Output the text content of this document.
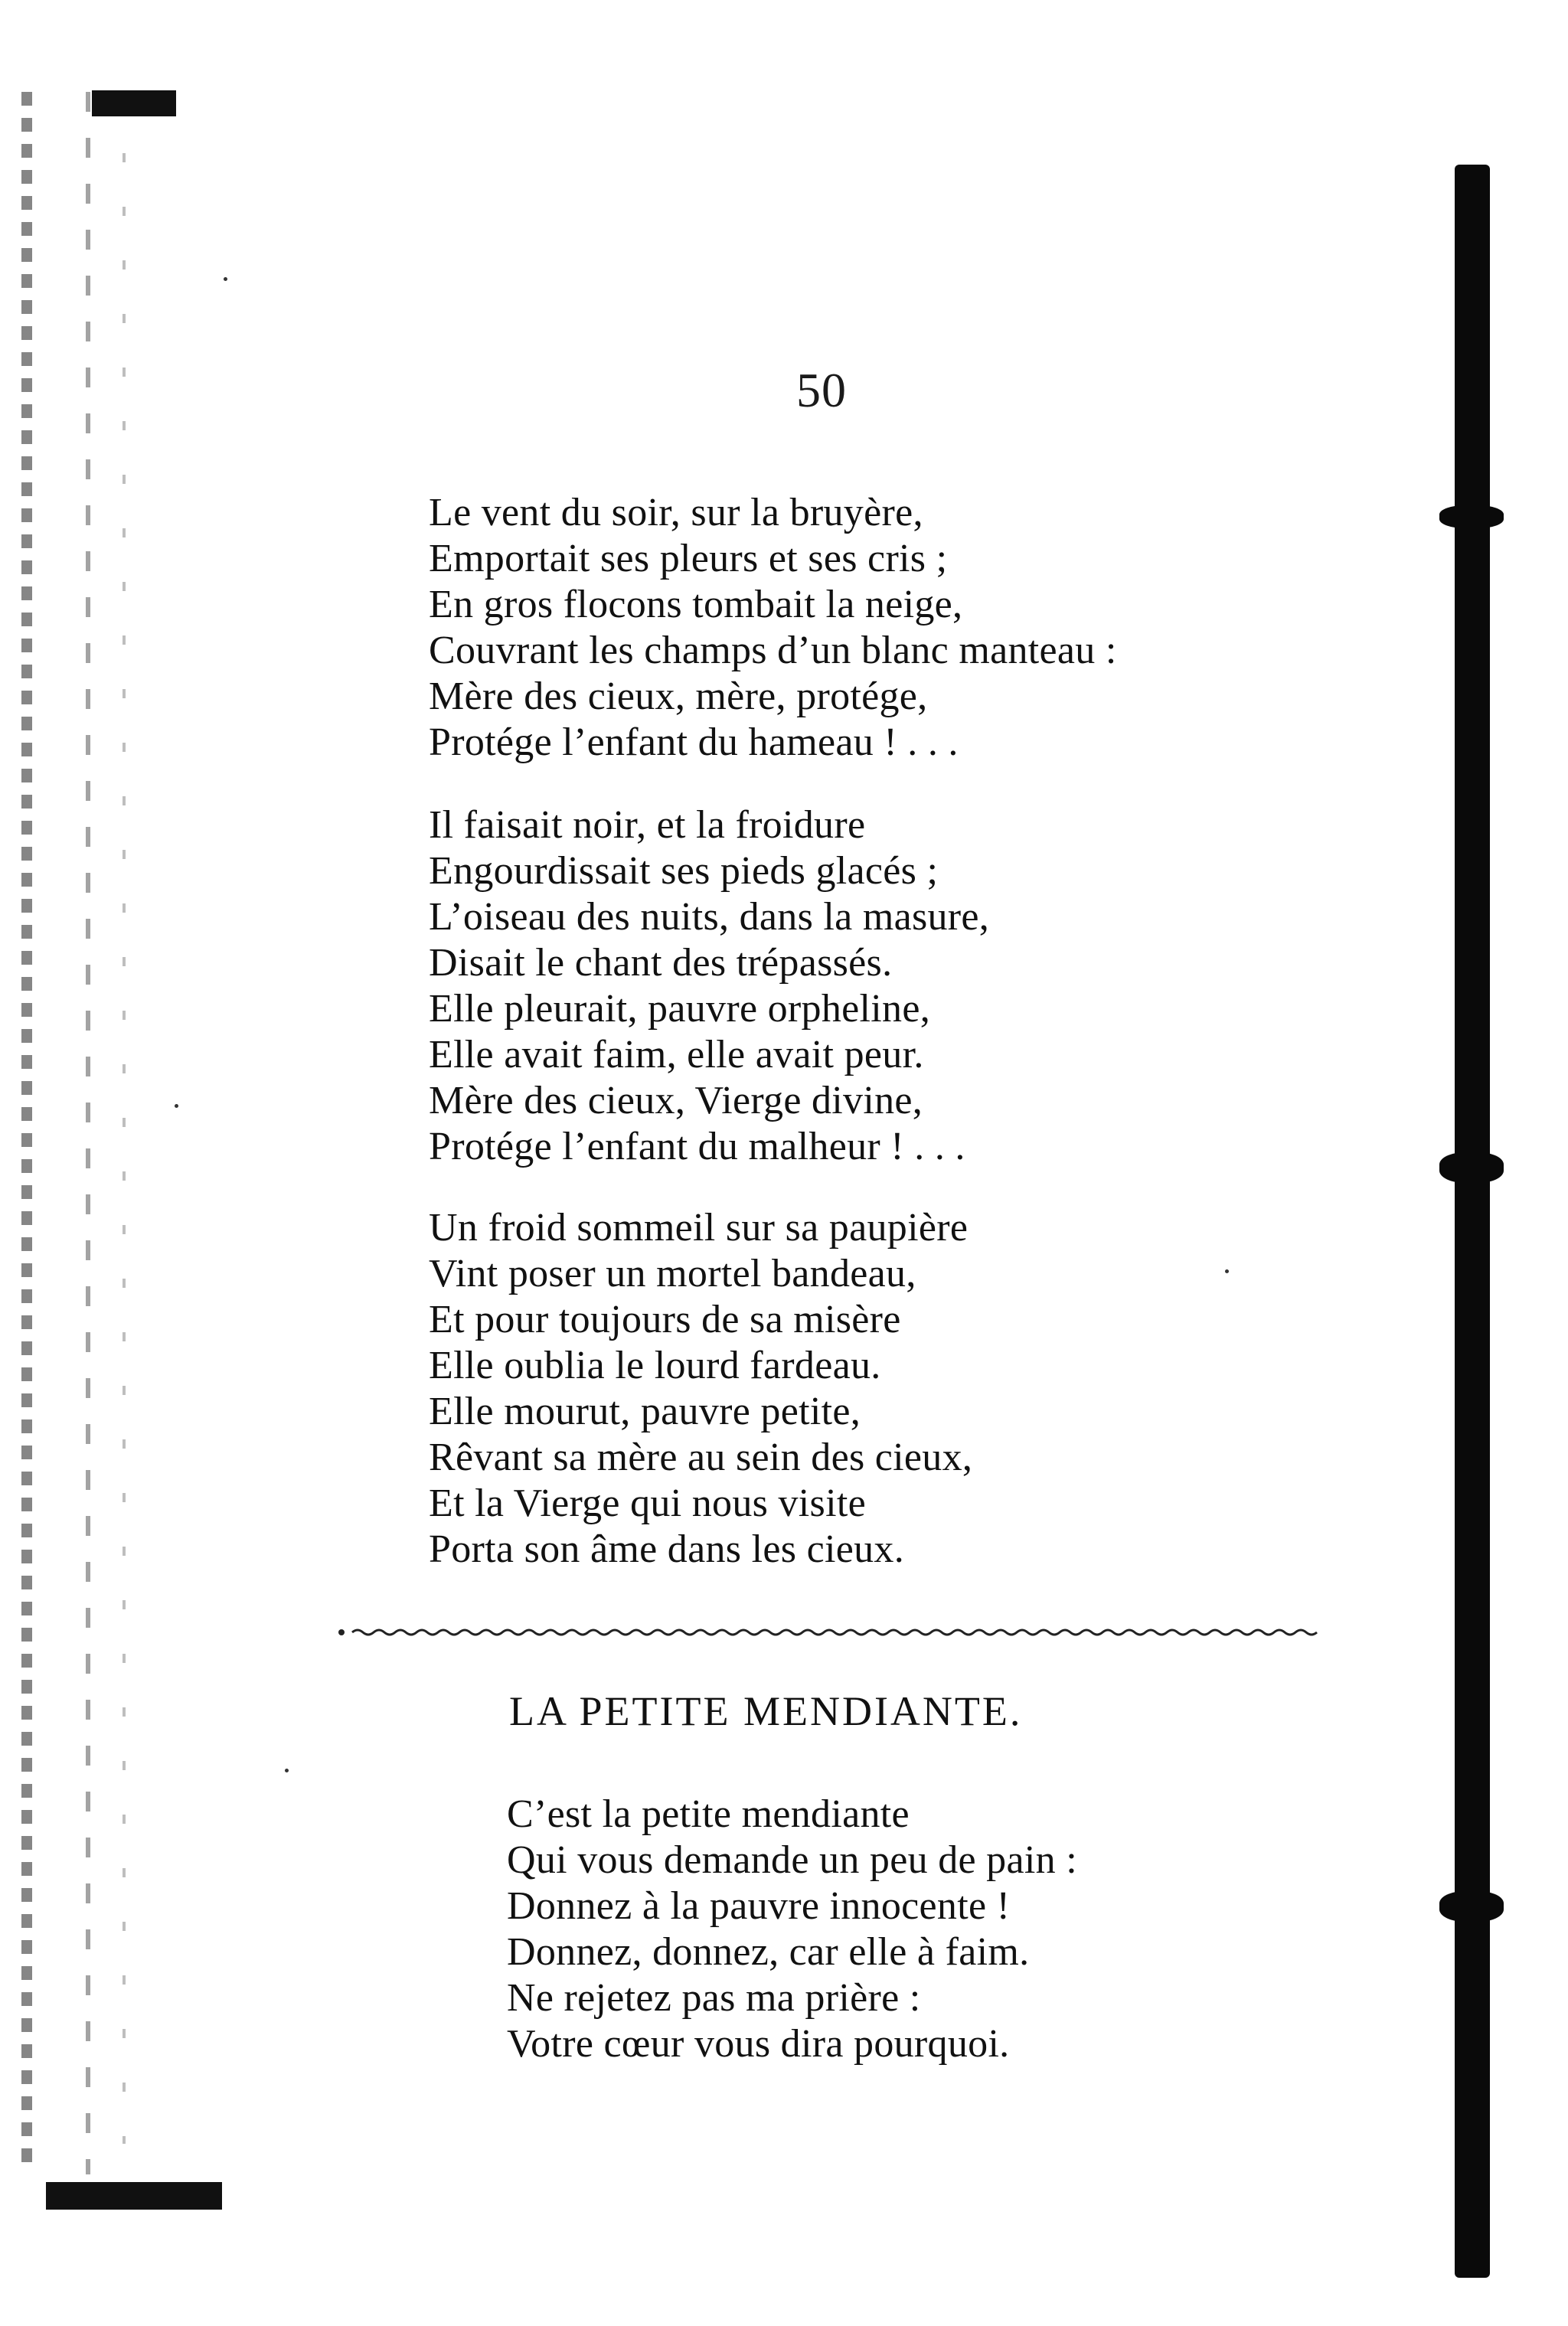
50
Le vent du soir, sur la bruyère,
Emportait ses pleurs et ses cris ;
En gros flocons tombait la neige,
Couvrant les champs d’un blanc manteau :
Mère des cieux, mère, protége,
Protége l’enfant du hameau ! . . .
Il faisait noir, et la froidure
Engourdissait ses pieds glacés ;
L’oiseau des nuits, dans la masure,
Disait le chant des trépassés.
Elle pleurait, pauvre orpheline,
Elle avait faim, elle avait peur.
Mère des cieux, Vierge divine,
Protége l’enfant du malheur ! . . .
Un froid sommeil sur sa paupière
Vint poser un mortel bandeau,
Et pour toujours de sa misère
Elle oublia le lourd fardeau.
Elle mourut, pauvre petite,
Rêvant sa mère au sein des cieux,
Et la Vierge qui nous visite
Porta son âme dans les cieux.
LA PETITE MENDIANTE.
C’est la petite mendiante
Qui vous demande un peu de pain :
Donnez à la pauvre innocente !
Donnez, donnez, car elle à faim.
Ne rejetez pas ma prière :
Votre cœur vous dira pourquoi.
